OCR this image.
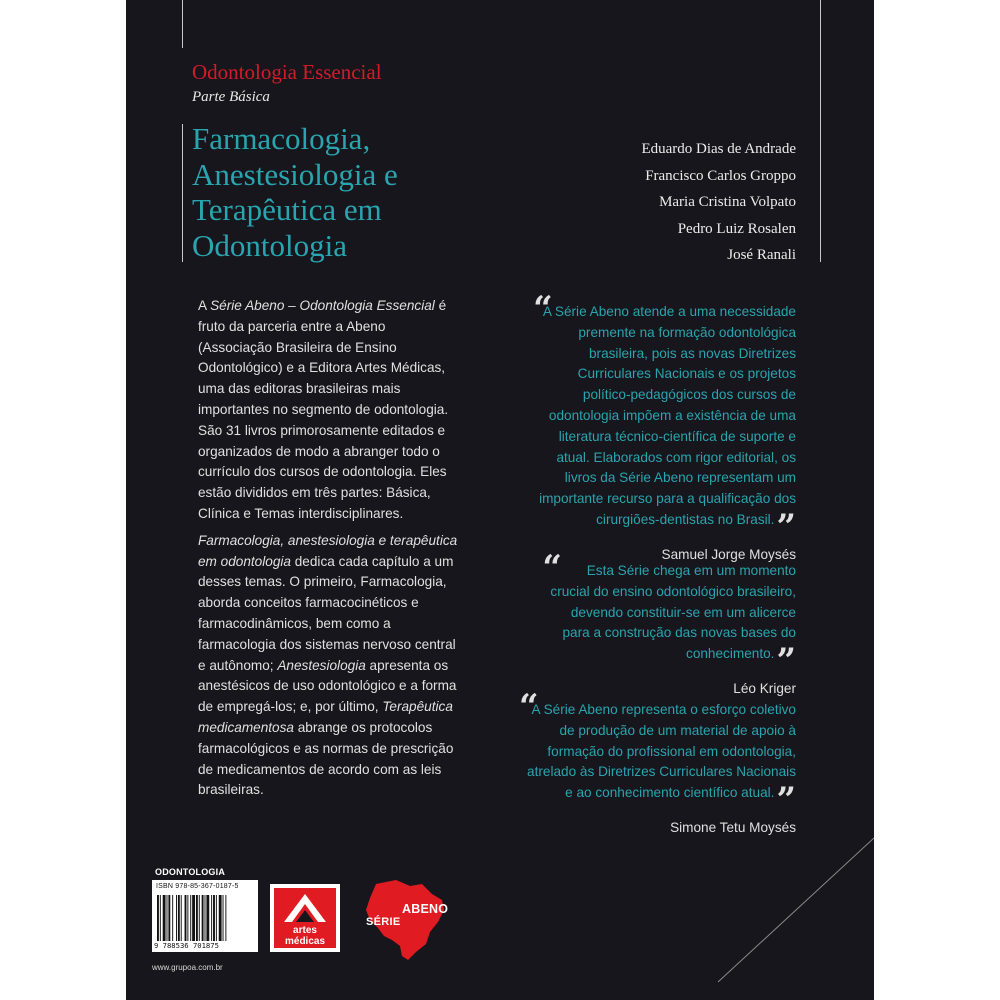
Odontologia Essencial

Parte Básica

Farmacologia,
Anestesiologia e
Terapêutica em
Odontologia
Eduardo Dias de Andrade
Francisco Carlos Groppo
Maria Cristina Volpato
Pedro Luiz Rosalen
José Ranali

A Série Abeno – Odontologia Essencial é fruto da parceria entre a Abeno (Associação Brasileira de Ensino Odontológico) e a Editora Artes Médicas, uma das editoras brasileiras mais importantes no segmento de odontologia. São 31 livros primorosamente editados e organizados de modo a abranger todo o currículo dos cursos de odontologia. Eles estão divididos em três partes: Básica, Clínica e Temas interdisciplinares.

Farmacologia, anestesiologia e terapêutica em odontologia dedica cada capítulo a um desses temas. O primeiro, Farmacologia, aborda conceitos farmacocinéticos e farmacodinâmicos, bem como a farmacologia dos sistemas nervoso central e autônomo; Anestesiologia apresenta os anestésicos de uso odontológico e a forma de empregá-los; e, por último, Terapêutica medicamentosa abrange os protocolos farmacológicos e as normas de prescrição de medicamentos de acordo com as leis brasileiras.

“
A Série Abeno atende a uma necessidade
premente na formação odontológica
brasileira, pois as novas Diretrizes
Curriculares Nacionais e os projetos
político-pedagógicos dos cursos de
odontologia impõem a existência de uma
literatura técnico-científica de suporte e
atual. Elaborados com rigor editorial, os
livros da Série Abeno representam um
importante recurso para a qualificação dos
cirurgiões-dentistas no Brasil.”
Samuel Jorge Moysés
“	Esta Série chega em um momento
crucial do ensino odontológico brasileiro,
devendo constituir-se em um alicerce
para a construção das novas bases do
conhecimento.”
Léo Kriger
“
A Série Abeno representa o esforço coletivo
de produção de um material de apoio à
formação do profissional em odontologia,
atrelado às Diretrizes Curriculares Nacionais
e ao conhecimento científico atual.”
Simone Tetu Moysés
ODONTOLOGIA
ISBN 978-85-367-0187-5
9 788536 701875
artes
médicas
ABENO
SÉRIE
www.grupoa.com.br
